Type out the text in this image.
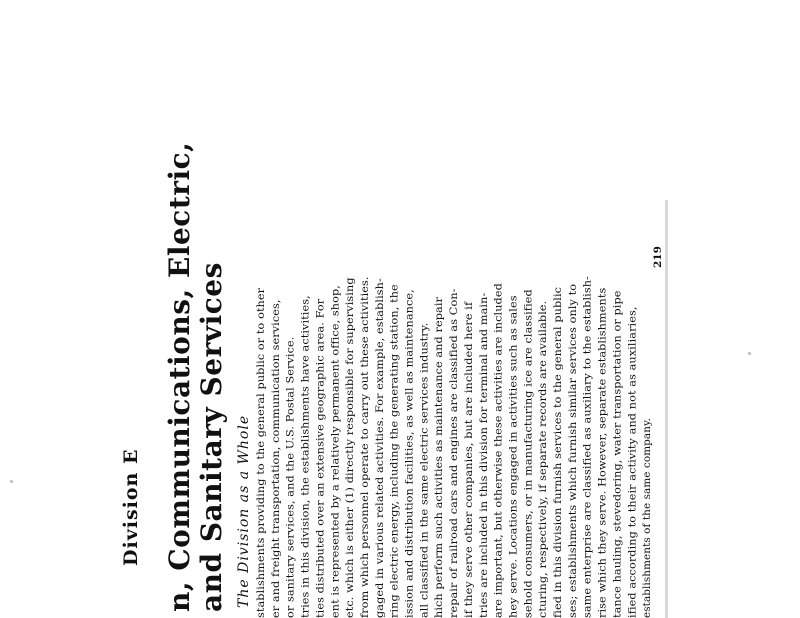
Division E n, Communications, Electric, and Sanitary Services The Division as a Whole stablishments providing to the general public or to other er and freight transportation, communication services, or sanitary services, and the U.S. Postal Service. tries in this division, the establishments have activities, ties distributed over an extensive geographic area. For ent is represented by a relatively permanent office, shop, etc. which is either (1) directly responsible for supervising from which personnel operate to carry out these activities. gaged in various related activities. For example, establish- ring electric energy, including the generating station, the ission and distribution facilities, as well as maintenance, all classified in the same electric services industry. hich perform such activities as maintenance and repair repair of railroad cars and engines are classified as Con- if they serve other companies, but are included here if tries are included in this division for terminal and main- are important, but otherwise these activities are included hey serve. Locations engaged in activities such as sales sehold consumers, or in manufacturing ice are classified cturing, respectively, if separate records are available. fied in this division furnish services to the general public ses; establishments which furnish similar services only to same enterprise are classified as auxiliary to the establish- rise which they serve. However, separate establishments tance hauling, stevedoring, water transportation or pipe ified according to their activity and not as auxiliaries, establishments of the same company.
219
